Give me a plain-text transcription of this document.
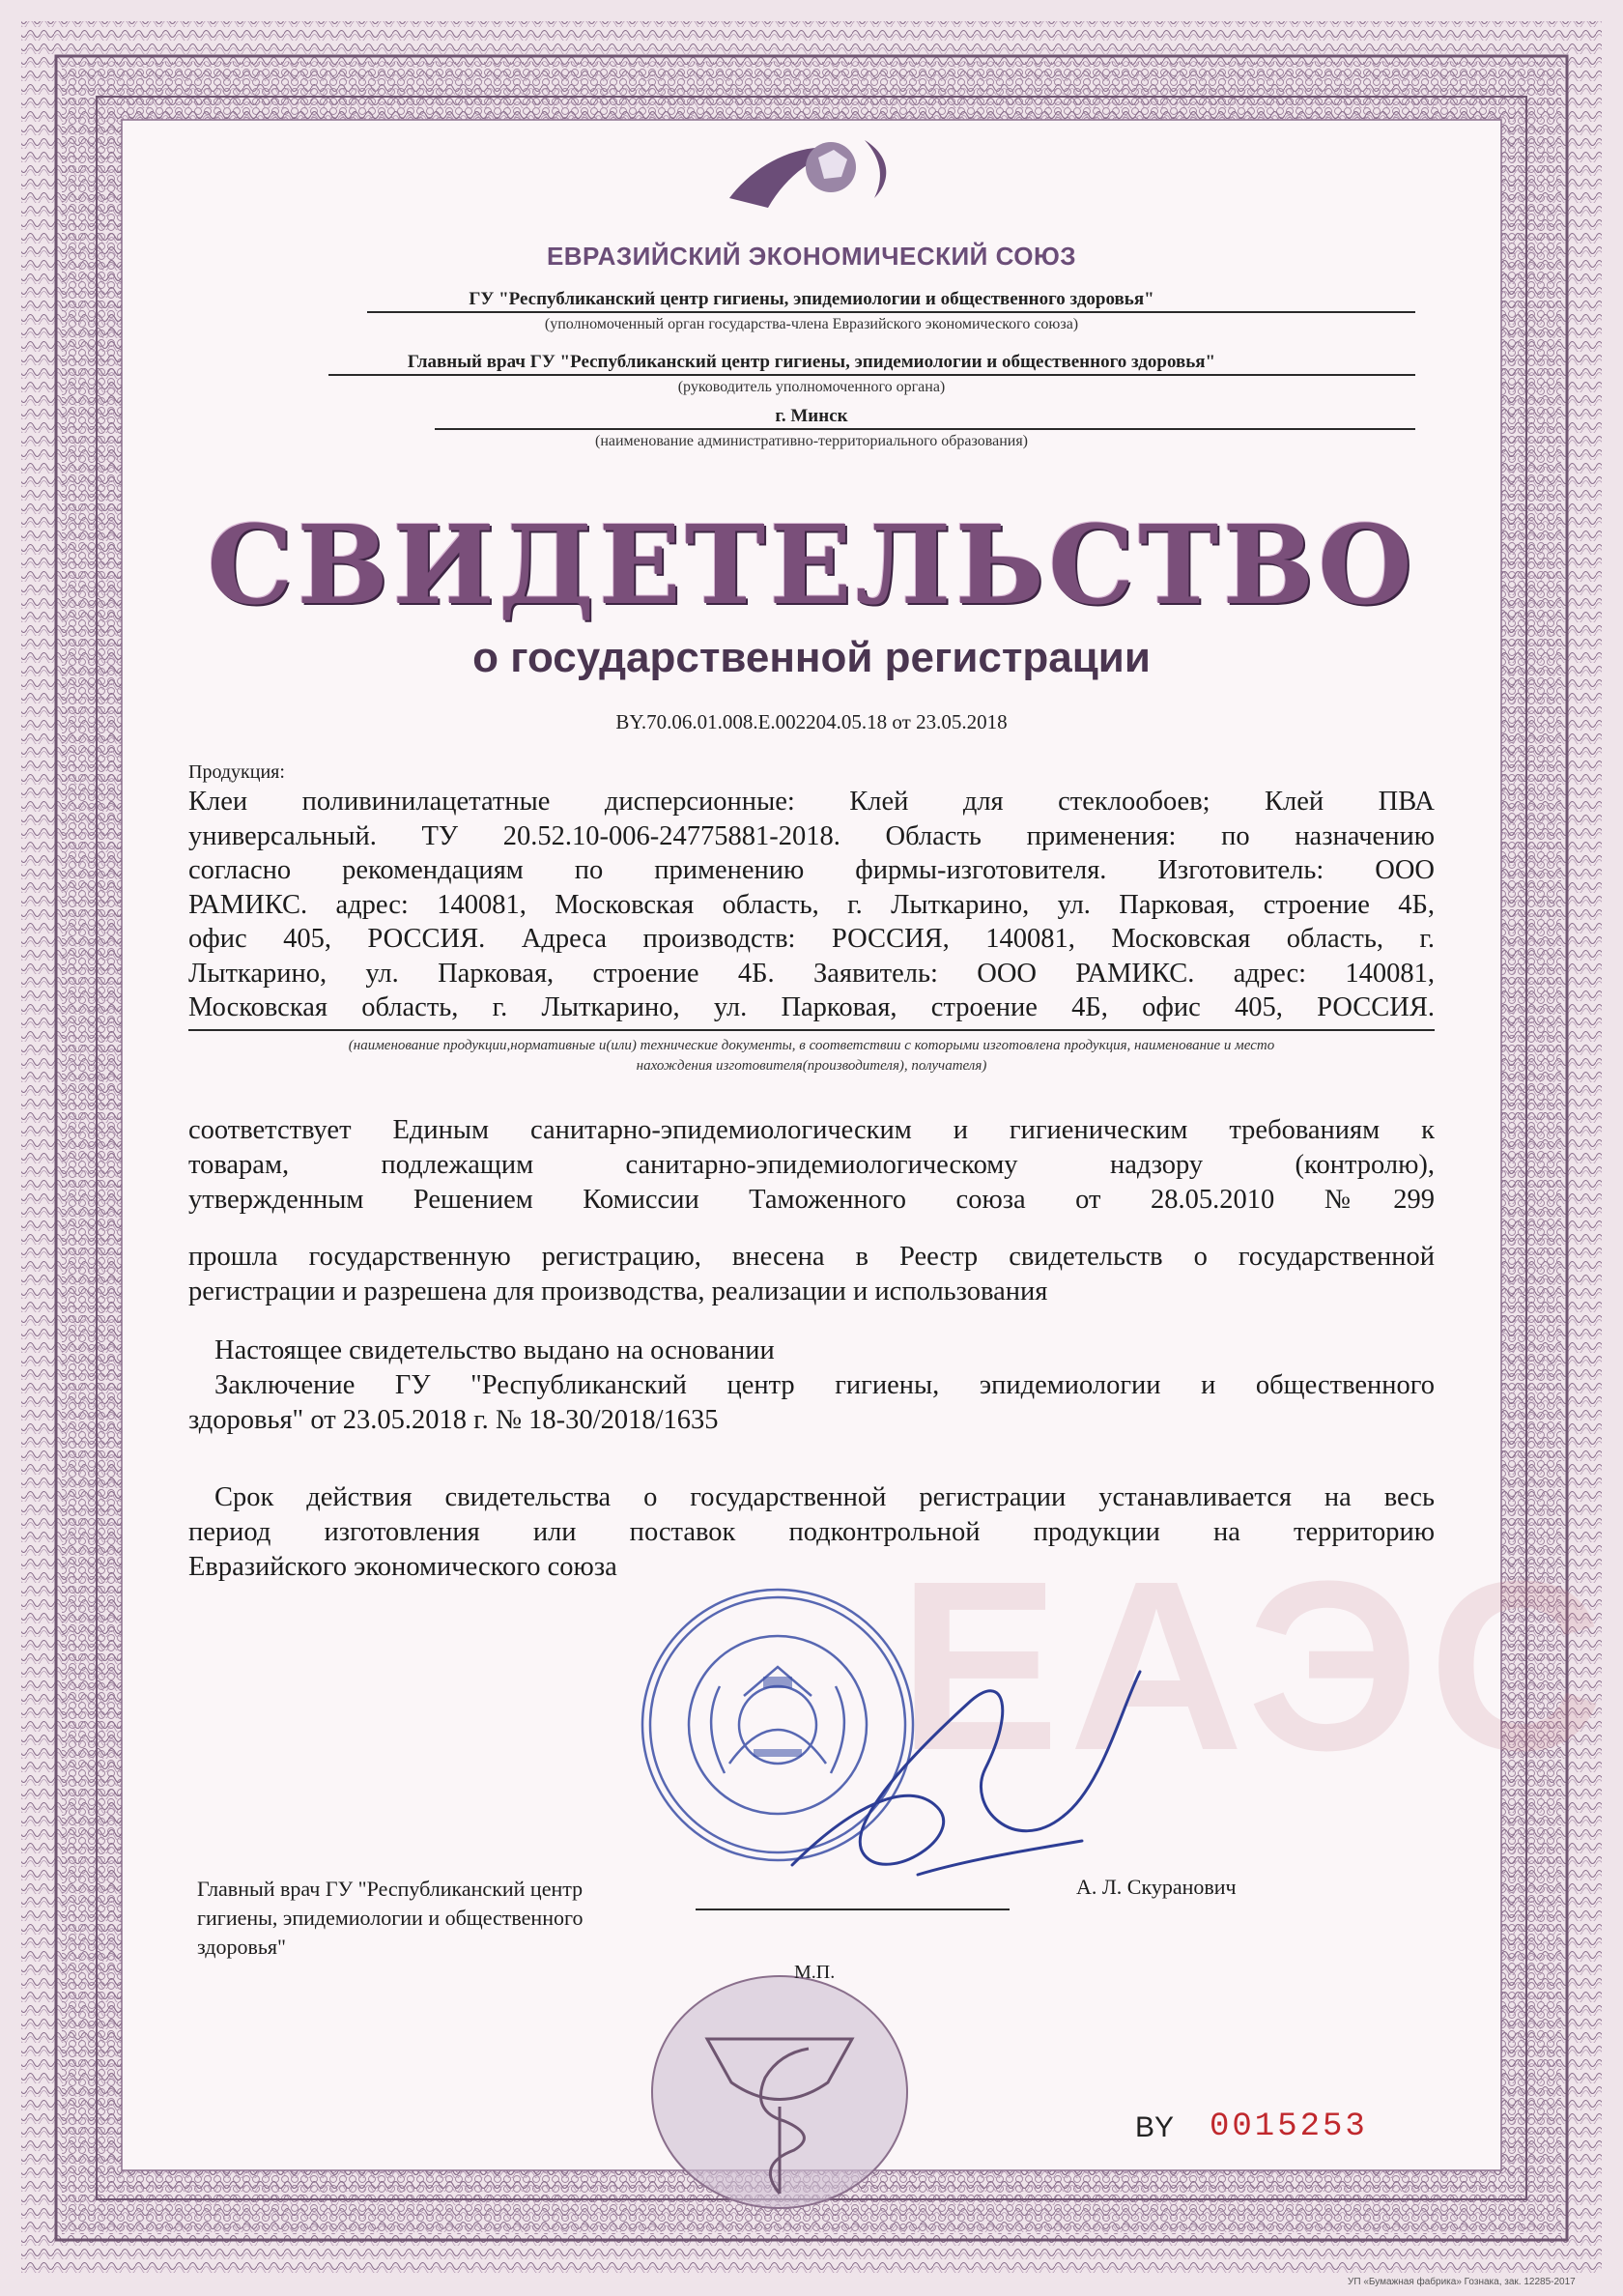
ЕВРАЗИЙСКИЙ ЭКОНОМИЧЕСКИЙ СОЮЗ
ГУ "Республиканский центр гигиены, эпидемиологии и общественного здоровья"
(уполномоченный орган государства-члена Евразийского экономического союза)
Главный врач ГУ "Республиканский центр гигиены, эпидемиологии и общественного здоровья"
(руководитель уполномоченного органа)
г. Минск
(наименование административно-территориального образования)
СВИДЕТЕЛЬСТВО
о государственной регистрации
BY.70.06.01.008.E.002204.05.18 от 23.05.2018
Продукция:
Клеи поливинилацетатные дисперсионные: Клей для стеклообоев; Клей ПВА
универсальный. ТУ 20.52.10-006-24775881-2018. Область применения: по назначению
согласно рекомендациям по применению фирмы-изготовителя. Изготовитель: ООО
РАМИКС. адрес: 140081, Московская область, г. Лыткарино, ул. Парковая, строение 4Б,
офис 405, РОССИЯ. Адреса производств: РОССИЯ, 140081, Московская область, г.
Лыткарино, ул. Парковая, строение 4Б. Заявитель: ООО РАМИКС. адрес: 140081,
Московская область, г. Лыткарино, ул. Парковая, строение 4Б, офис 405, РОССИЯ.
(наименование продукции,нормативные и(или) технические документы, в соответствии с которыми изготовлена продукция, наименование и место
нахождения изготовителя(производителя), получателя)
соответствует Единым санитарно-эпидемиологическим и гигиеническим требованиям к
товарам, подлежащим санитарно-эпидемиологическому надзору (контролю),
утвержденным Решением Комиссии Таможенного союза от 28.05.2010 №299
прошла государственную регистрацию, внесена в Реестр свидетельств о государственной
регистрации и разрешена для производства, реализации и использования
Настоящее свидетельство выдано на основании
Заключение ГУ "Республиканский центр гигиены, эпидемиологии и общественного
здоровья" от 23.05.2018 г. № 18-30/2018/1635
ЕАЭС
Срок действия свидетельства о государственной регистрации устанавливается на весь
период изготовления или поставок подконтрольной продукции на территорию
Евразийского экономического союза
Главный врач ГУ "Республиканский центр
гигиены, эпидемиологии и общественного
здоровья"
А. Л. Скуранович
М.П.
BY 0015253
УП «Бумажная фабрика» Гознака, зак. 12285-2017
